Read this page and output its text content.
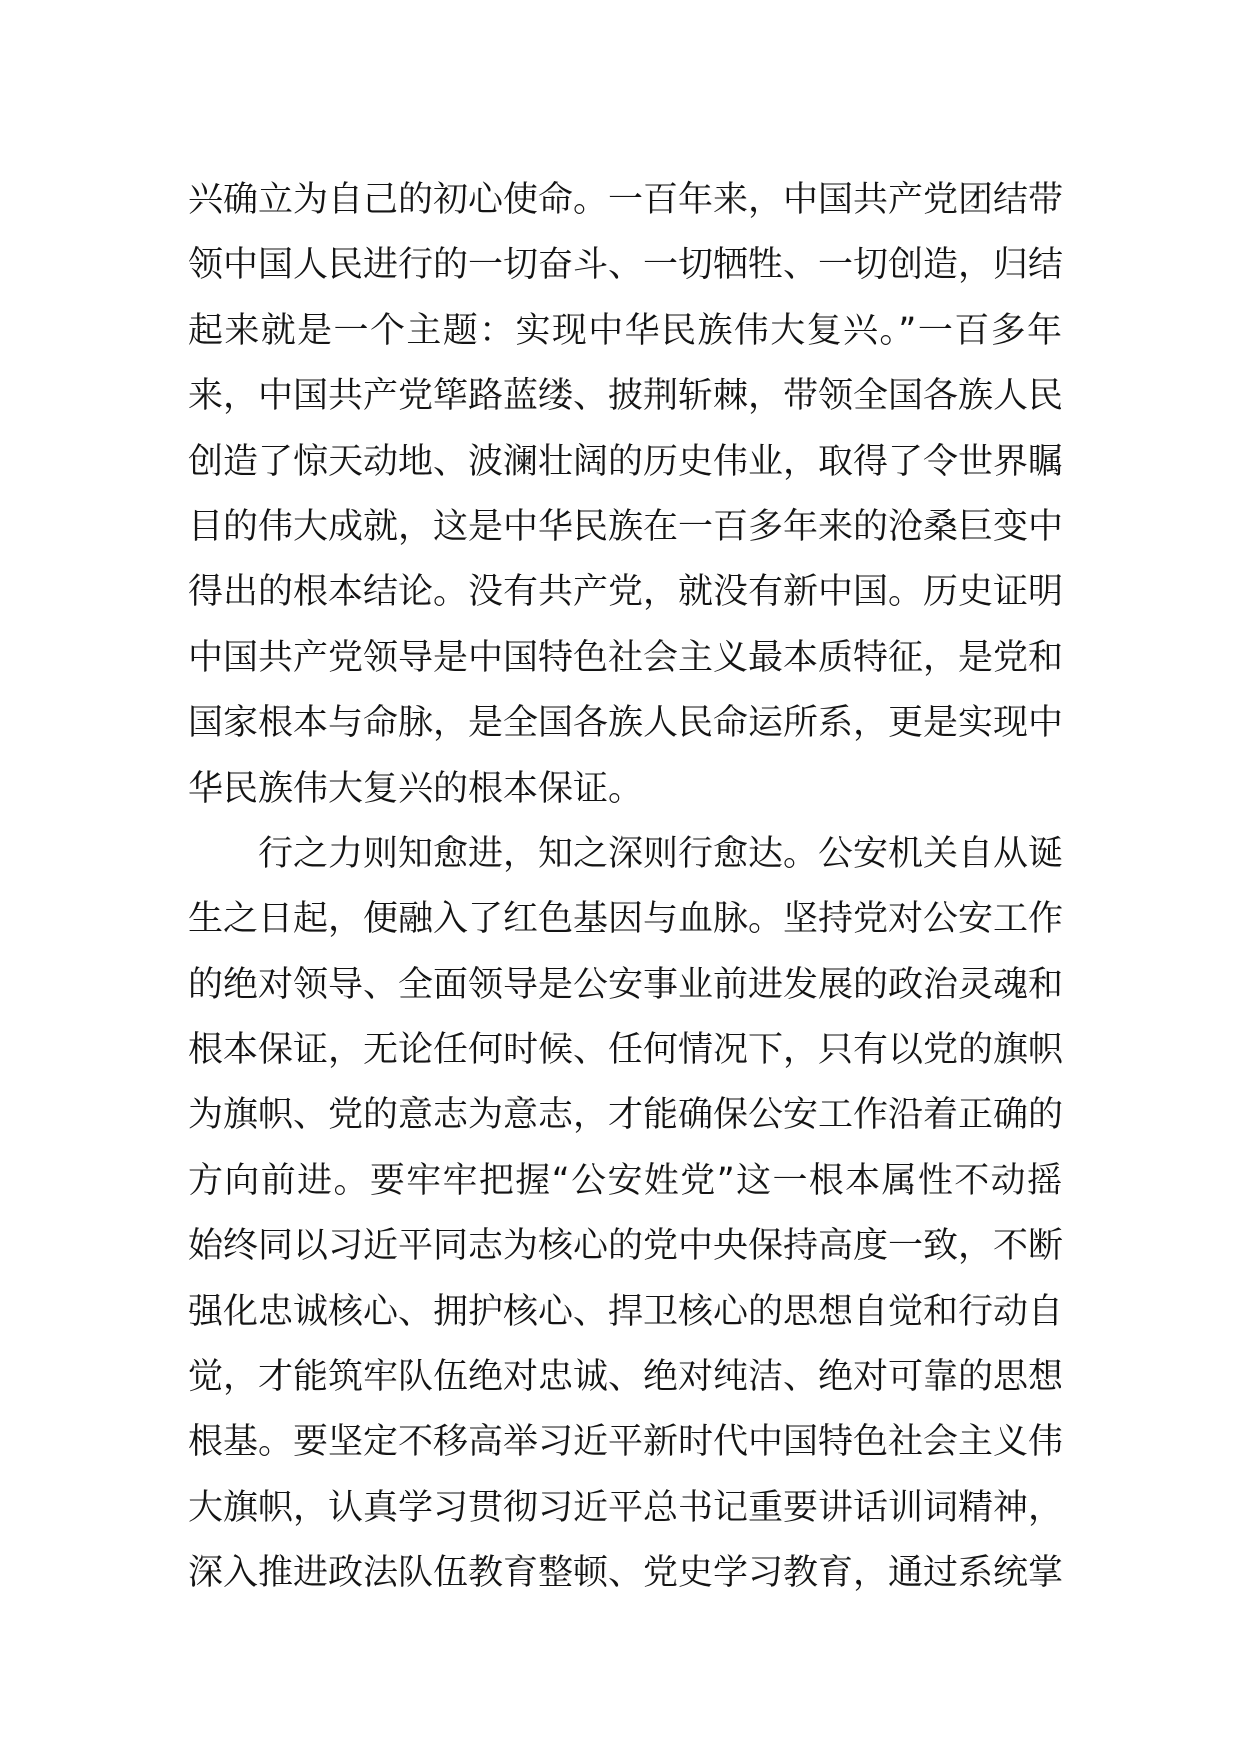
兴确立为自己的初心使命。一百年来，中国共产党团结带
领中国人民进行的一切奋斗、一切牺牲、一切创造，归结
起来就是一个主题：实现中华民族伟大复兴。”一百多年
来，中国共产党筚路蓝缕、披荆斩棘，带领全国各族人民
创造了惊天动地、波澜壮阔的历史伟业，取得了令世界瞩
目的伟大成就，这是中华民族在一百多年来的沧桑巨变中
得出的根本结论。没有共产党，就没有新中国。历史证明
中国共产党领导是中国特色社会主义最本质特征，是党和
国家根本与命脉，是全国各族人民命运所系，更是实现中
华民族伟大复兴的根本保证。
行之力则知愈进，知之深则行愈达。公安机关自从诞
生之日起，便融入了红色基因与血脉。坚持党对公安工作
的绝对领导、全面领导是公安事业前进发展的政治灵魂和
根本保证，无论任何时候、任何情况下，只有以党的旗帜
为旗帜、党的意志为意志，才能确保公安工作沿着正确的
方向前进。要牢牢把握“公安姓党”这一根本属性不动摇
始终同以习近平同志为核心的党中央保持高度一致，不断
强化忠诚核心、拥护核心、捍卫核心的思想自觉和行动自
觉，才能筑牢队伍绝对忠诚、绝对纯洁、绝对可靠的思想
根基。要坚定不移高举习近平新时代中国特色社会主义伟
大旗帜，认真学习贯彻习近平总书记重要讲话训词精神，
深入推进政法队伍教育整顿、党史学习教育，通过系统掌
